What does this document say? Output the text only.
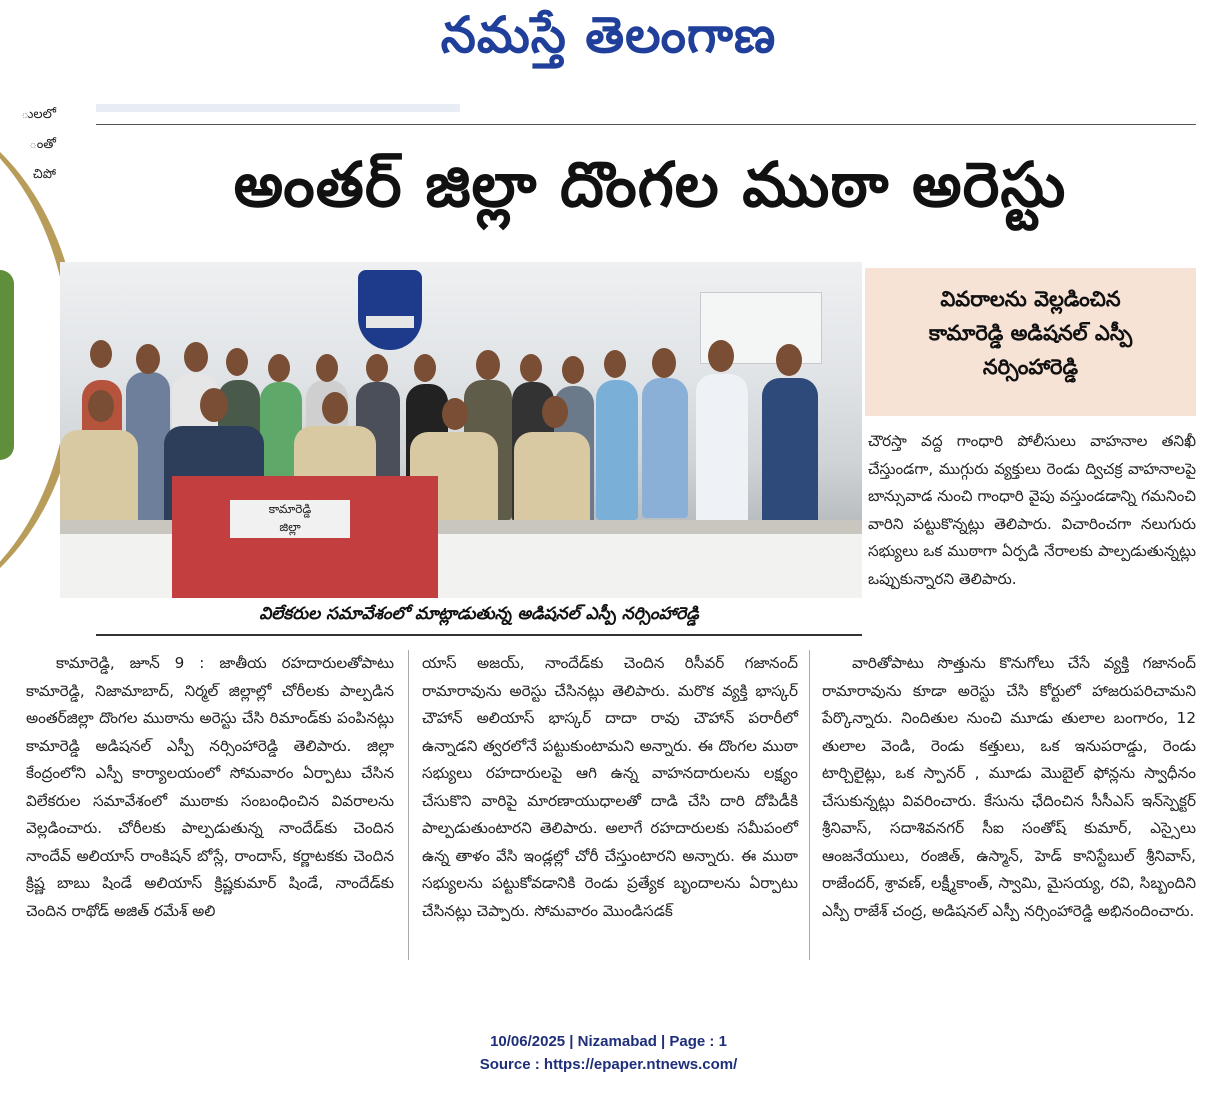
నమస్తే తెలంగాణ
ులలో
ంతో
చిపో	అంతర్‌ జిల్లా దొంగల ముఠా అరెస్టు
కామారెడ్డి
జిల్లా
వివరాలను వెల్లడించిన
కామారెడ్డి అడిషనల్‌ ఎస్పీ
నర్సింహారెడ్డి

చౌరస్తా వద్ద గాంధారి పోలీసులు వాహనాల తనిఖీ చేస్తుండగా, ముగ్గురు వ్యక్తులు రెండు ద్విచక్ర వాహనాలపై బాన్సువాడ నుంచి గాంధారి వైపు వస్తుండడాన్ని గమనించి వారిని పట్టుకొన్నట్లు తెలిపారు. విచారించగా నలుగురు సభ్యులు ఒక ముఠాగా ఏర్పడి నేరాలకు పాల్పడుతున్నట్లు ఒప్పుకున్నారని తెలిపారు.

విలేకరుల సమావేశంలో మాట్లాడుతున్న అడిషనల్‌ ఎస్పీ నర్సింహారెడ్డి

కామారెడ్డి, జూన్‌ 9 : జాతీయ రహదారులతోపాటు కామారెడ్డి, నిజామాబాద్‌, నిర్మల్‌ జిల్లాల్లో చోరీలకు పాల్పడిన అంతర్‌జిల్లా దొంగల ముఠాను అరెస్టు చేసి రిమాండ్‌కు పంపినట్లు కామారెడ్డి అడిషనల్‌ ఎస్పీ నర్సింహారెడ్డి తెలిపారు. జిల్లా కేంద్రంలోని ఎస్పీ కార్యాలయంలో సోమవారం ఏర్పాటు చేసిన విలేకరుల సమావేశంలో ముఠాకు సంబంధించిన వివరాలను వెల్లడించారు. చోరీలకు పాల్పడుతున్న నాందేడ్‌కు చెందిన నాందేవ్‌ అలియాస్‌ రాంకిషన్‌ బోస్లే, రాందాస్‌, కర్ణాటకకు చెందిన క్రిష్ణ బాబు షిండే అలియాస్‌ క్రిష్ణకుమార్‌ షిండే, నాందేడ్‌కు చెందిన రాథోడ్‌ అజిత్‌ రమేశ్‌ అలి

యాస్‌ అజయ్‌, నాందేడ్‌కు చెందిన రిసీవర్‌ గజానంద్‌ రామారావును అరెస్టు చేసినట్లు తెలిపారు. మరొక వ్యక్తి భాస్కర్‌ చౌహాన్‌ అలియాస్‌ భాస్కర్‌ దాదా రావు చౌహాన్‌ పరారీలో ఉన్నాడని త్వరలోనే పట్టుకుంటామని అన్నారు. ఈ దొంగల ముఠా సభ్యులు రహదారులపై ఆగి ఉన్న వాహనదారులను లక్ష్యం చేసుకొని వారిపై మారణాయుధాలతో దాడి చేసి దారి దోపిడీకి పాల్పడుతుంటారని తెలిపారు. అలాగే రహదారులకు సమీపంలో ఉన్న తాళం వేసి ఇండ్లల్లో చోరీ చేస్తుంటారని అన్నారు. ఈ ముఠా సభ్యులను పట్టుకోవడానికి రెండు ప్రత్యేక బృందాలను ఏర్పాటు చేసినట్లు చెప్పారు. సోమవారం మొండిసడక్‌

వారితోపాటు సొత్తును కొనుగోలు చేసే వ్యక్తి గజానంద్‌ రామారావును కూడా అరెస్టు చేసి కోర్టులో హాజరుపరిచామని పేర్కొన్నారు. నిందితుల నుంచి మూడు తులాల బంగారం, 12 తులాల వెండి, రెండు కత్తులు, ఒక ఇనుపరాడ్డు, రెండు టార్చిలైట్లు, ఒక స్పానర్‌ , మూడు మొబైల్‌ ఫోన్లను స్వాధీనం చేసుకున్నట్లు వివరించారు. కేసును ఛేదించిన సీసీఎస్‌ ఇన్‌స్పెక్టర్‌ శ్రీనివాస్‌, సదాశివనగర్‌ సీఐ సంతోష్‌ కుమార్‌, ఎస్సైలు ఆంజనేయులు, రంజిత్‌, ఉస్మాన్‌, హెడ్‌ కానిస్టేబుల్‌ శ్రీనివాస్‌, రాజేందర్‌, శ్రావణ్‌, లక్ష్మీకాంత్‌, స్వామి, మైసయ్య, రవి, సిబ్బందిని ఎస్పీ రాజేశ్‌ చంద్ర, అడిషనల్‌ ఎస్పీ నర్సింహారెడ్డి అభినందించారు.

10/06/2025 | Nizamabad | Page : 1
Source : https://epaper.ntnews.com/
